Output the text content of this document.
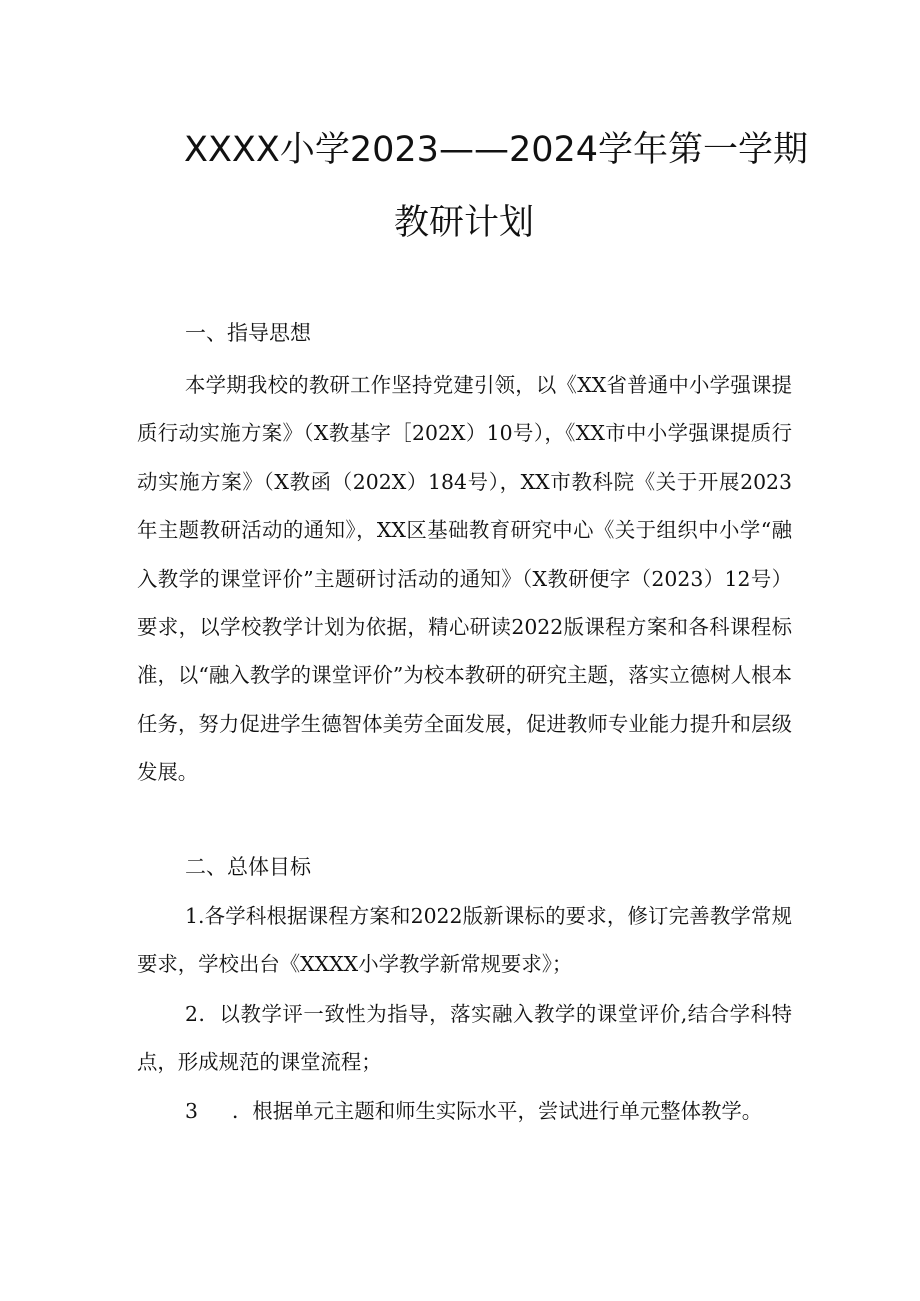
XXXX小学2023——2024学年第一学期
教研计划
一、指导思想

本学期我校的教研工作坚持党建引领，以《XX省普通中小学强课提质行动实施方案》（X教基字［202X）10号），《XX市中小学强课提质行动实施方案》（X教函（202X）184号），XX市教科院《关于开展2023年主题教研活动的通知》，XX区基础教育研究中心《关于组织中小学“融入教学的课堂评价”主题研讨活动的通知》（X教研便字（2023）12号）要求，以学校教学计划为依据，精心研读2022版课程方案和各科课程标准，以“融入教学的课堂评价”为校本教研的研究主题，落实立德树人根本任务，努力促进学生德智体美劳全面发展，促进教师专业能力提升和层级发展。

二、总体目标

1.各学科根据课程方案和2022版新课标的要求，修订完善教学常规要求，学校出台《XXXX小学教学新常规要求》；

2．以教学评一致性为指导，落实融入教学的课堂评价,结合学科特点，形成规范的课堂流程；

3 ．根据单元主题和师生实际水平，尝试进行单元整体教学。
